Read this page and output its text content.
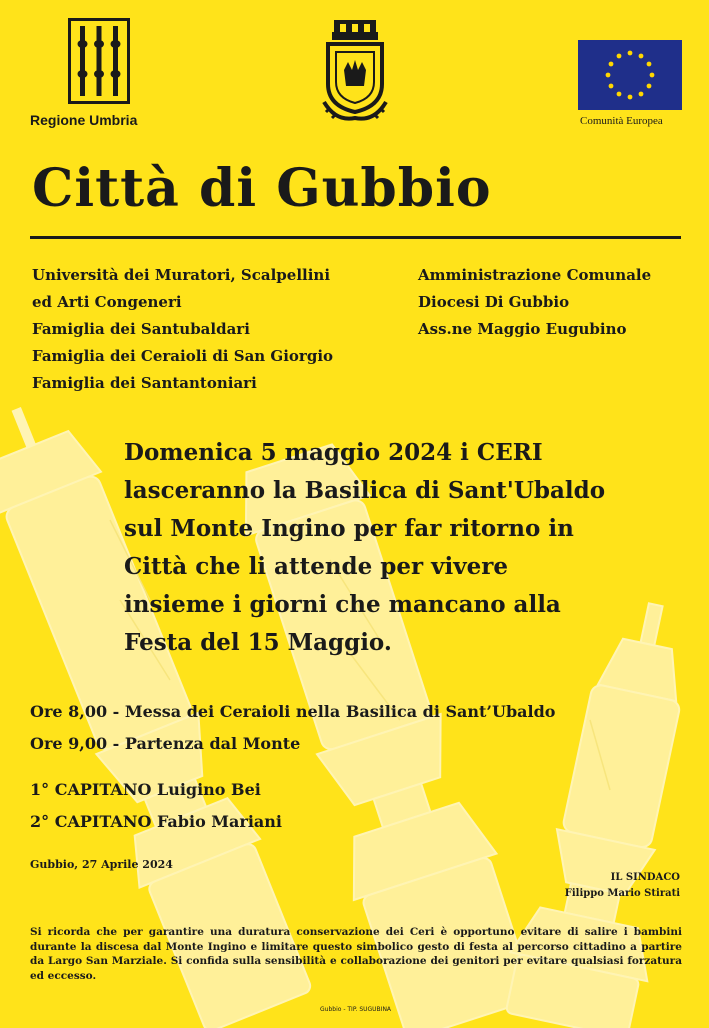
Regione Umbria	Comunità Europea
Città di Gubbio
Università dei Muratori, Scalpellini
ed Arti Congeneri
Famiglia dei Santubaldari
Famiglia dei Ceraioli di San Giorgio
Famiglia dei Santantoniari
Amministrazione Comunale
Diocesi Di Gubbio
Ass.ne Maggio Eugubino
Domenica 5 maggio 2024 i CERI
lasceranno la Basilica di Sant'Ubaldo
sul Monte Ingino per far ritorno in
Città che li attende per vivere
insieme i giorni che mancano alla
Festa del 15 Maggio.
Ore 8,00 - Messa dei Ceraioli nella Basilica di Sant’Ubaldo
Ore 9,00 - Partenza dal Monte
1° CAPITANO Luigino Bei
2° CAPITANO Fabio Mariani
Gubbio, 27 Aprile 2024
IL SINDACO
Filippo Mario Stirati
Si ricorda che per garantire una duratura conservazione dei Ceri è opportuno evitare di salire i bambini durante la discesa dal Monte Ingino e limitare questo simbolico gesto di festa al percorso cittadino a partire da Largo San Marziale. Si confida sulla sensibilità e collaborazione dei genitori per evitare qualsiasi forzatura ed eccesso.
Gubbio - TIP. SUGUBINA
